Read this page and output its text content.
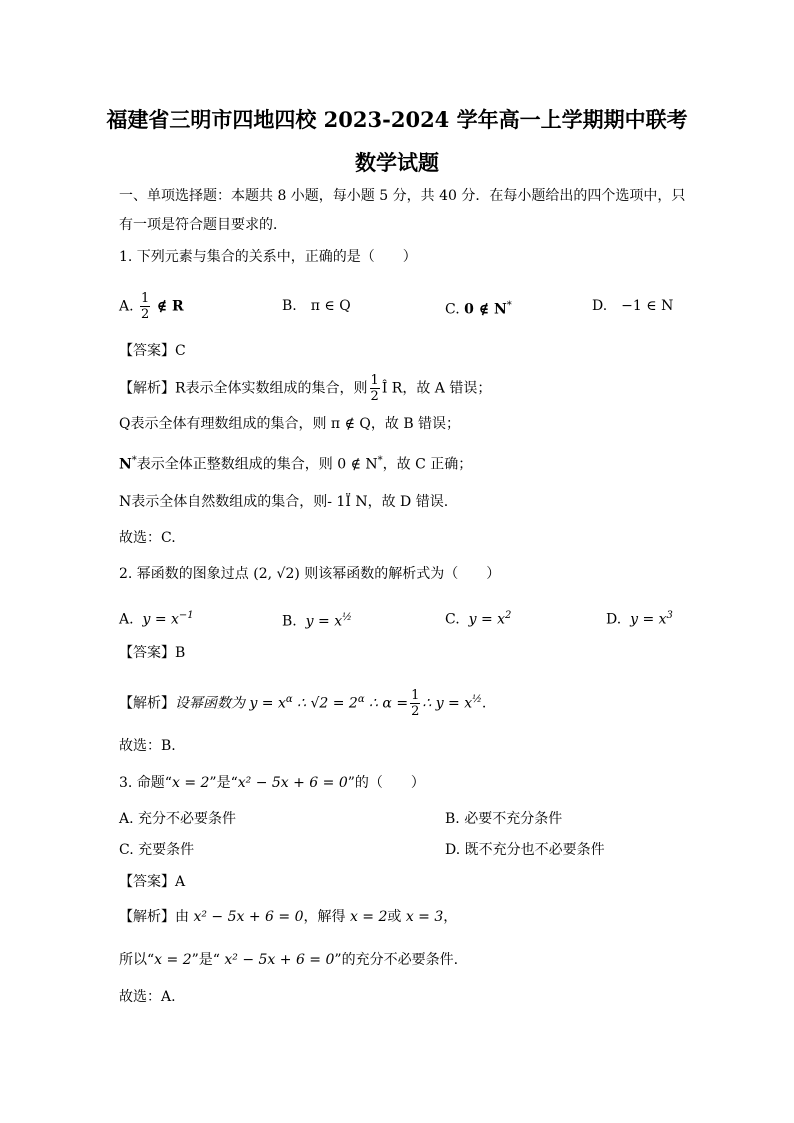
福建省三明市四地四校 2023-2024 学年高一上学期期中联考
数学试题
一、单项选择题：本题共 8 小题，每小题 5 分，共 40 分．在每小题给出的四个选项中，只
有一项是符合题目要求的．
1. 下列元素与集合的关系中，正确的是（　　）
A. $\frac{1}{2}$ ∉ R	B.　π ∈ Q	C. 0 ∉ N*	D.　−1 ∈ N
【答案】C
【解析】R表示全体实数组成的集合，则 $\frac{1}{2}$ Î R，故 A 错误；
Q表示全体有理数组成的集合，则 π ∉ Q，故 B 错误；
N*表示全体正整数组成的集合，则 0 ∉ N*，故 C 正确；
N表示全体自然数组成的集合，则- 1Ï N，故 D 错误.
故选：C.
2. 幂函数的图象过点 (2, √2) 则该幂函数的解析式为（　　）
A. $y = x^{-1}$	B. $y = x^{\frac{1}{2}}$	C. $y = x^2$	D. $y = x^3$
【答案】B
【解析】设幂函数为 $y = x^\alpha$ ∴ $√2 = 2^\alpha$ ∴ $\alpha = \frac{1}{2}$ ∴ $y = x^{\frac{1}{2}}$.
故选：B.
3. 命题“x = 2”是“x² − 5x + 6 = 0”的（　　）
A. 充分不必要条件	B. 必要不充分条件
C. 充要条件	D. 既不充分也不必要条件
【答案】A
【解析】由 x² − 5x + 6 = 0，解得 x = 2或 x = 3，
所以“x = 2”是“ x² − 5x + 6 = 0”的充分不必要条件.
故选：A.
